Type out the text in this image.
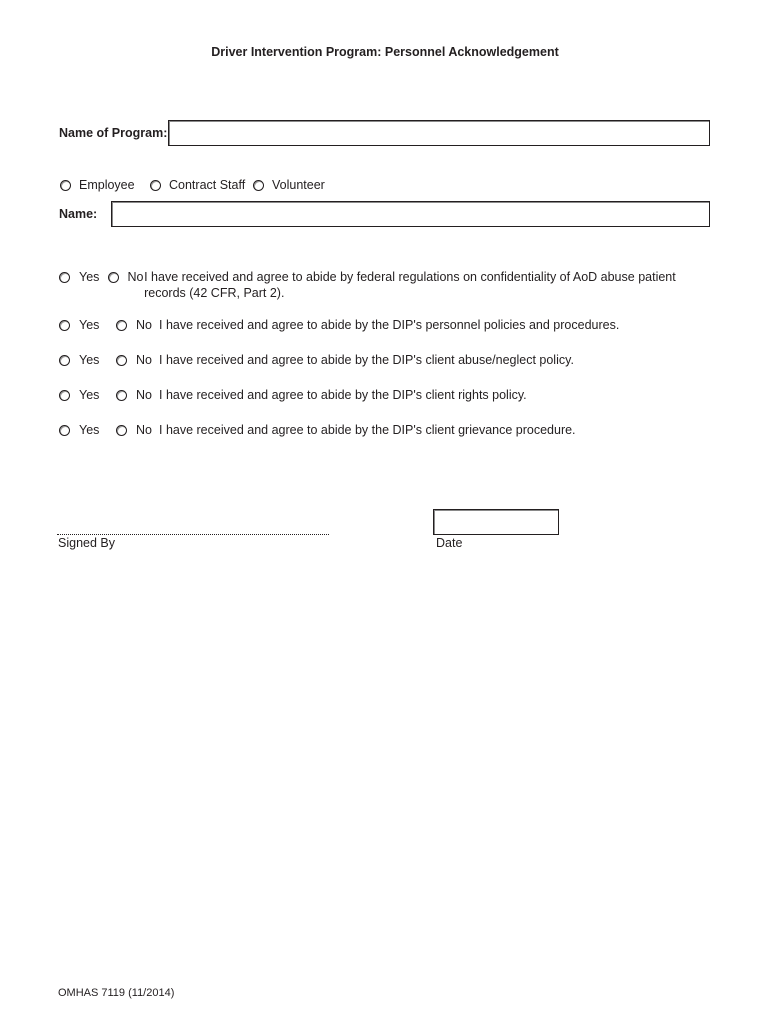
Driver Intervention Program: Personnel Acknowledgement
Name of Program:
Employee	Contract Staff Volunteer
Name:
Yes No I have received and agree to abide by federal regulations on confidentiality of AoD abuse patient records (42 CFR, Part 2).
Yes	No I have received and agree to abide by the DIP's personnel policies and procedures.
Yes	No I have received and agree to abide by the DIP's client abuse/neglect policy.
Yes	No I have received and agree to abide by the DIP's client rights policy.
Yes	No I have received and agree to abide by the DIP's client grievance procedure.
Signed By	Date
OMHAS 7119 (11/2014)
